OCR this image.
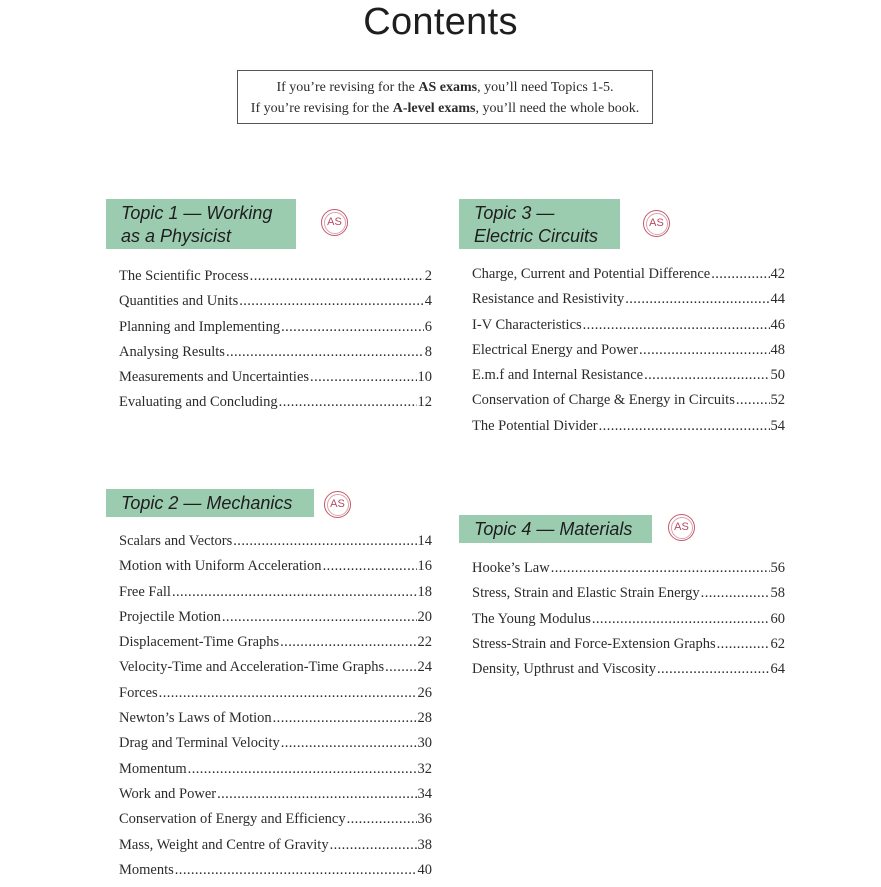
Contents
If you’re revising for the AS exams, you’ll need Topics 1-5.
If you’re revising for the A-level exams, you’ll need the whole book.
Topic 1 — Working
as a Physicist
AS
The Scientific Process .....	2
Quantities and Units .....	4
Planning and Implementing .....	6
Analysing Results .....	8
Measurements and Uncertainties .....	10
Evaluating and Concluding .....	12
Topic 2 — Mechanics	AS
Scalars and Vectors .....	14
Motion with Uniform Acceleration .....	16
Free Fall .....	18
Projectile Motion .....	20
Displacement-Time Graphs .....	22
Velocity-Time and Acceleration-Time Graphs ..... 24
Forces .....	26
Newton’s Laws of Motion .....	28
Drag and Terminal Velocity .....	30
Momentum .....	32
Work and Power .....	34
Conservation of Energy and Efficiency .....	36
Mass, Weight and Centre of Gravity .....	38
Moments .....	40
Topic 3 —
Electric Circuits
AS
Charge, Current and Potential Difference .....	42
Resistance and Resistivity .....	44
I-V Characteristics .....	46
Electrical Energy and Power .....	48
E.m.f and Internal Resistance .....	50
Conservation of Charge & Energy in Circuits ..... 52
The Potential Divider .....	54
Topic 4 — Materials	AS
Hooke’s Law .....	56
Stress, Strain and Elastic Strain Energy .....	58
The Young Modulus .....	60
Stress-Strain and Force-Extension Graphs .....	62
Density, Upthrust and Viscosity .....	64
